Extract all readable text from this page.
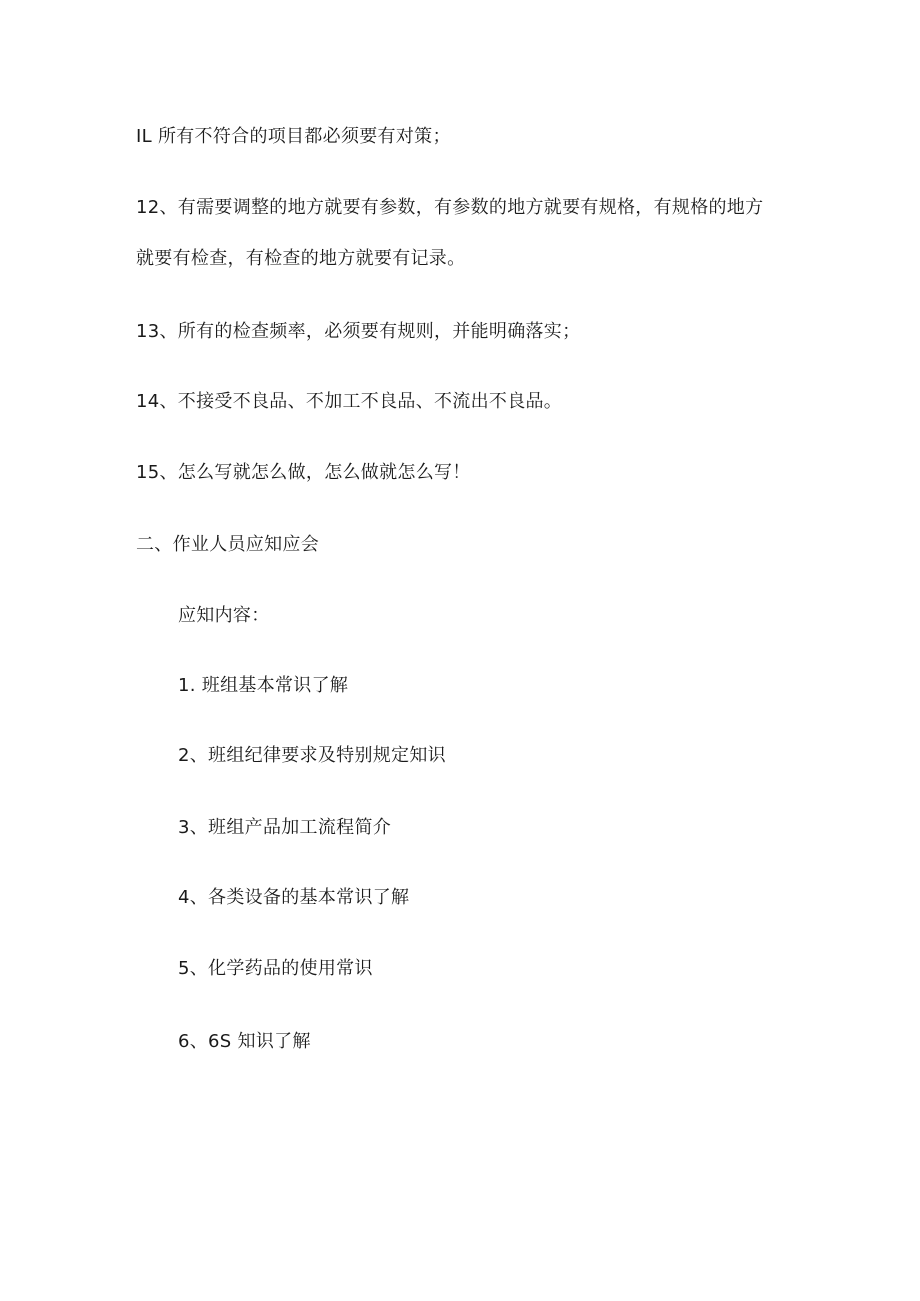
IL 所有不符合的项目都必须要有对策；
12、有需要调整的地方就要有参数，有参数的地方就要有规格，有规格的地方
就要有检查，有检查的地方就要有记录。
13、所有的检查频率，必须要有规则，并能明确落实；
14、不接受不良品、不加工不良品、不流出不良品。
15、怎么写就怎么做，怎么做就怎么写！
二、作业人员应知应会
应知内容：
1. 班组基本常识了解
2、班组纪律要求及特别规定知识
3、班组产品加工流程简介
4、各类设备的基本常识了解
5、化学药品的使用常识
6、6S 知识了解
